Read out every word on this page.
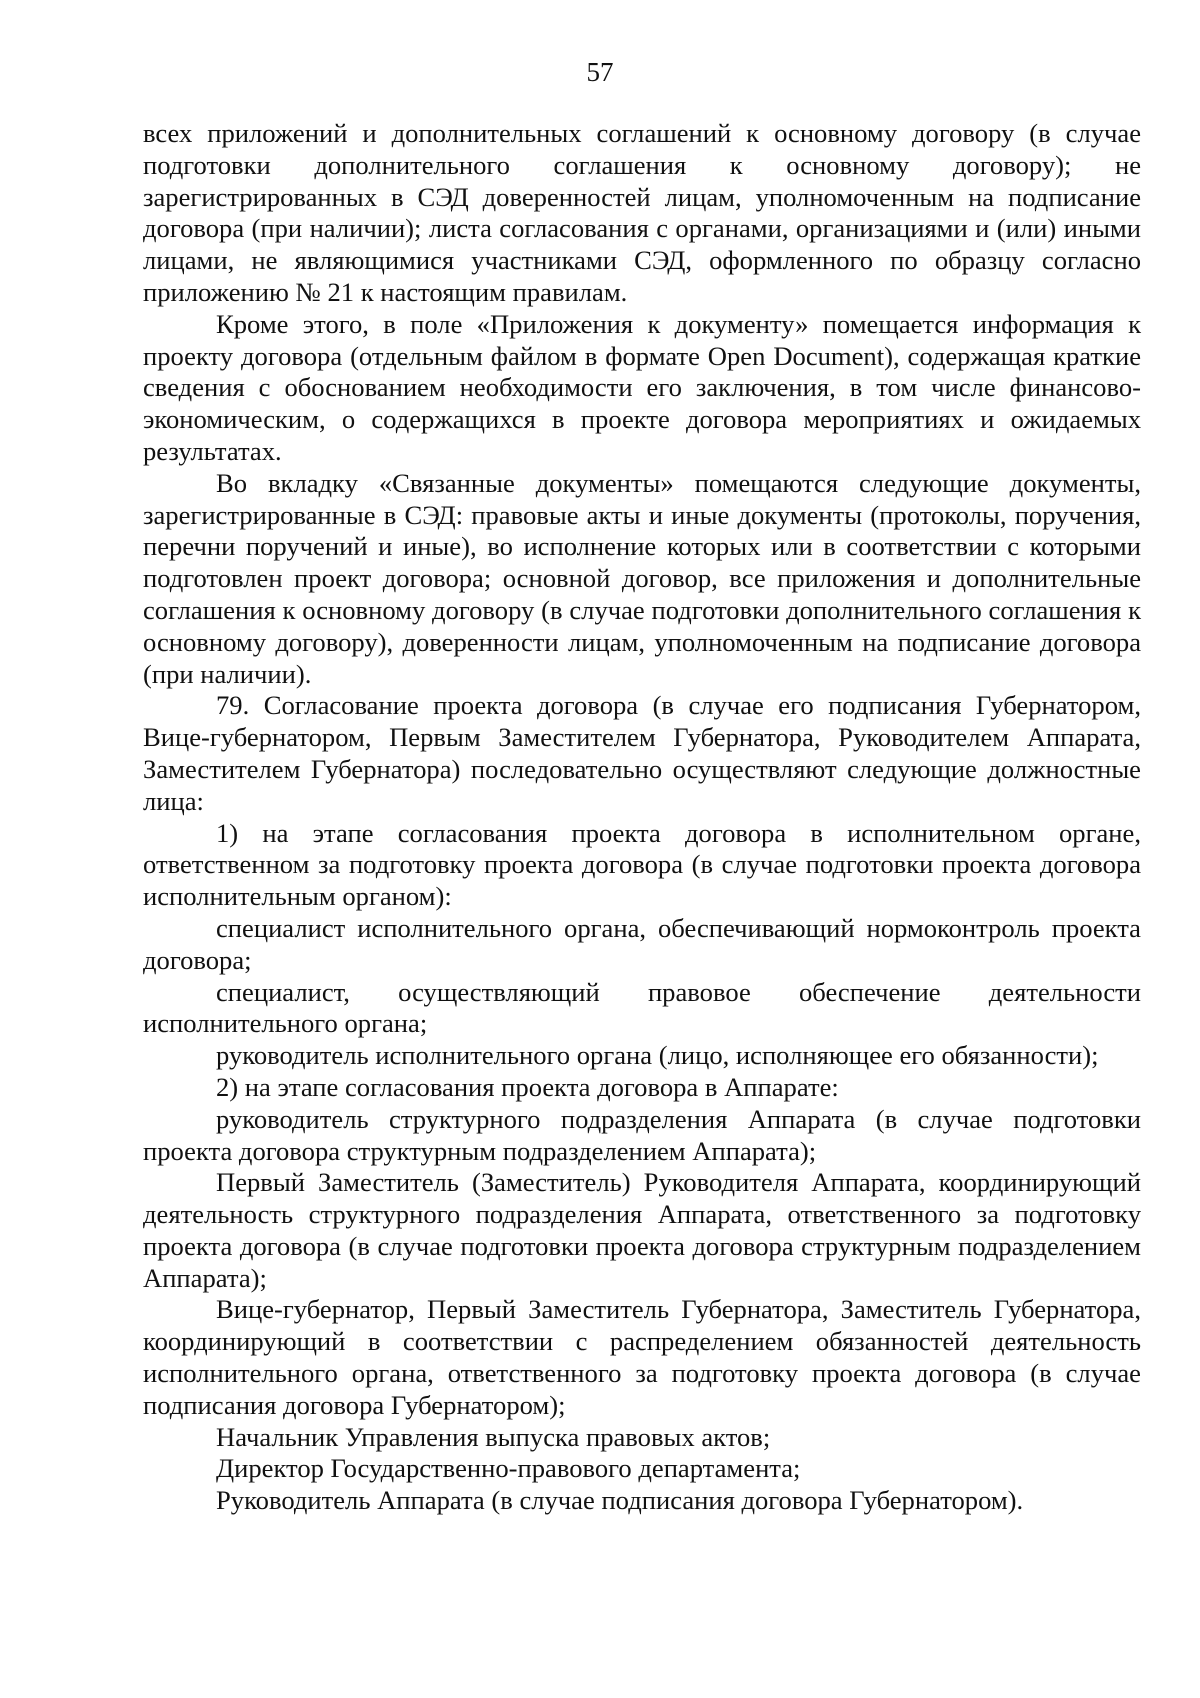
57

всех приложений и дополнительных соглашений к основному договору (в случае подготовки дополнительного соглашения к основному договору); не зарегистрированных в СЭД доверенностей лицам, уполномоченным на подписание договора (при наличии); листа согласования с органами, организациями и (или) иными лицами, не являющимися участниками СЭД, оформленного по образцу согласно приложению № 21 к настоящим правилам.

Кроме этого, в поле «Приложения к документу» помещается информация к проекту договора (отдельным файлом в формате Open Document), содержащая краткие сведения с обоснованием необходимости его заключения, в том числе финансово-экономическим, о содержащихся в проекте договора мероприятиях и ожидаемых результатах.

Во вкладку «Связанные документы» помещаются следующие документы, зарегистрированные в СЭД: правовые акты и иные документы (протоколы, поручения, перечни поручений и иные), во исполнение которых или в соответствии с которыми подготовлен проект договора; основной договор, все приложения и дополнительные соглашения к основному договору (в случае подготовки дополнительного соглашения к основному договору), доверенности лицам, уполномоченным на подписание договора (при наличии).

79. Согласование проекта договора (в случае его подписания Губернатором, Вице-губернатором, Первым Заместителем Губернатора, Руководителем Аппарата, Заместителем Губернатора) последовательно осуществляют следующие должностные лица:

1) на этапе согласования проекта договора в исполнительном органе, ответственном за подготовку проекта договора (в случае подготовки проекта договора исполнительным органом):

специалист исполнительного органа, обеспечивающий нормоконтроль проекта договора;

специалист, осуществляющий правовое обеспечение деятельности исполнительного органа;

руководитель исполнительного органа (лицо, исполняющее его обязанности);

2) на этапе согласования проекта договора в Аппарате:

руководитель структурного подразделения Аппарата (в случае подготовки проекта договора структурным подразделением Аппарата);

Первый Заместитель (Заместитель) Руководителя Аппарата, координирующий деятельность структурного подразделения Аппарата, ответственного за подготовку проекта договора (в случае подготовки проекта договора структурным подразделением Аппарата);

Вице-губернатор, Первый Заместитель Губернатора, Заместитель Губернатора, координирующий в соответствии с распределением обязанностей деятельность исполнительного органа, ответственного за подготовку проекта договора (в случае подписания договора Губернатором);

Начальник Управления выпуска правовых актов;

Директор Государственно-правового департамента;

Руководитель Аппарата (в случае подписания договора Губернатором).
